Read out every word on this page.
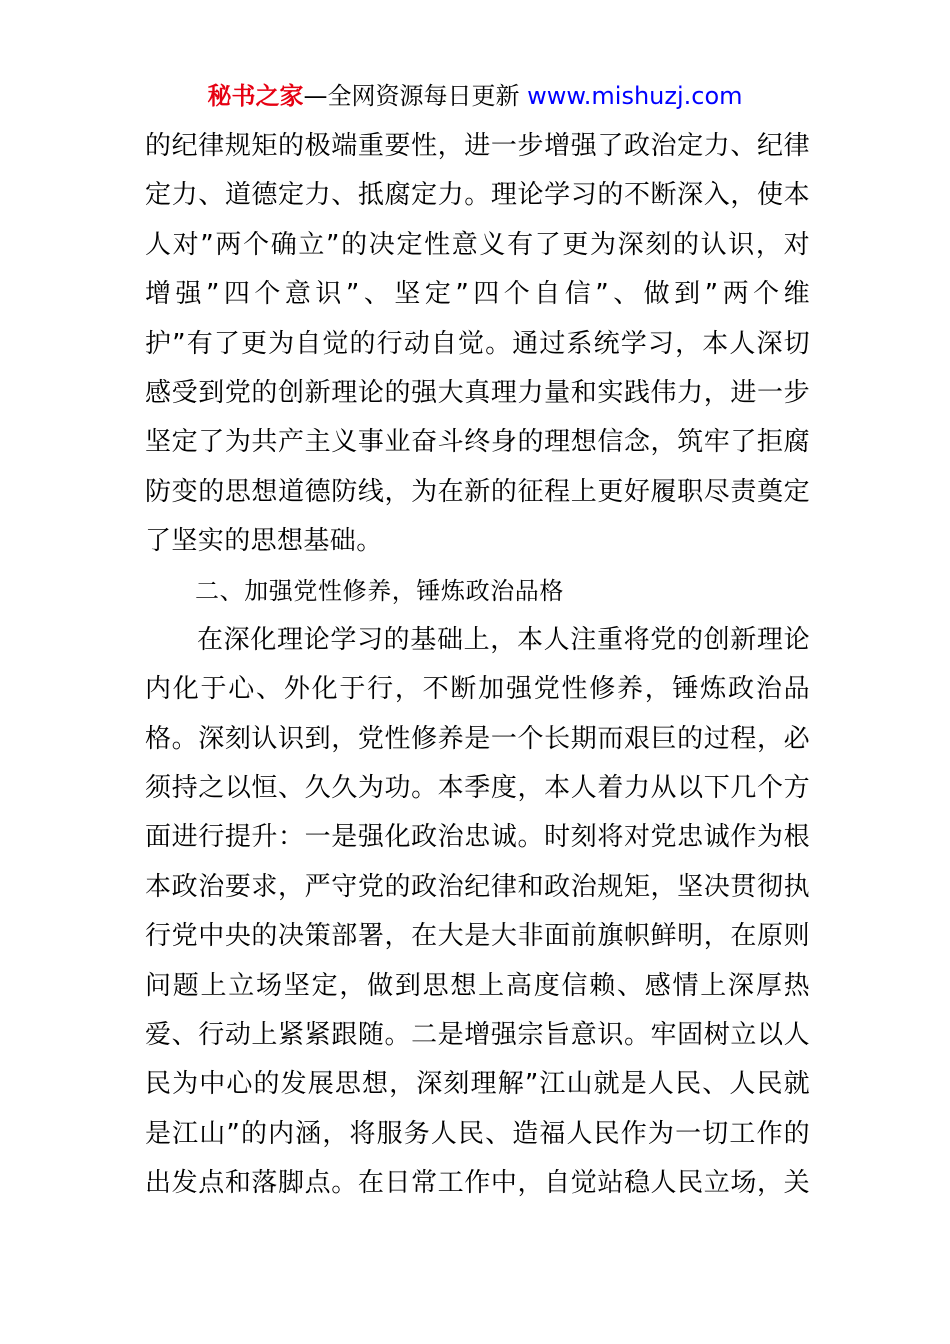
秘书之家—全网资源每日更新 www.mishuzj.com
的纪律规矩的极端重要性，进一步增强了政治定力、纪律
定力、道德定力、抵腐定力。理论学习的不断深入，使本
人对”两个确立”的决定性意义有了更为深刻的认识，对
增强”四个意识”、坚定”四个自信”、做到”两个维
护”有了更为自觉的行动自觉。通过系统学习，本人深切
感受到党的创新理论的强大真理力量和实践伟力，进一步
坚定了为共产主义事业奋斗终身的理想信念，筑牢了拒腐
防变的思想道德防线，为在新的征程上更好履职尽责奠定
了坚实的思想基础。
二、加强党性修养，锤炼政治品格
在深化理论学习的基础上，本人注重将党的创新理论
内化于心、外化于行，不断加强党性修养，锤炼政治品
格。深刻认识到，党性修养是一个长期而艰巨的过程，必
须持之以恒、久久为功。本季度，本人着力从以下几个方
面进行提升：一是强化政治忠诚。时刻将对党忠诚作为根
本政治要求，严守党的政治纪律和政治规矩，坚决贯彻执
行党中央的决策部署，在大是大非面前旗帜鲜明，在原则
问题上立场坚定，做到思想上高度信赖、感情上深厚热
爱、行动上紧紧跟随。二是增强宗旨意识。牢固树立以人
民为中心的发展思想，深刻理解”江山就是人民、人民就
是江山”的内涵，将服务人民、造福人民作为一切工作的
出发点和落脚点。在日常工作中，自觉站稳人民立场，关
